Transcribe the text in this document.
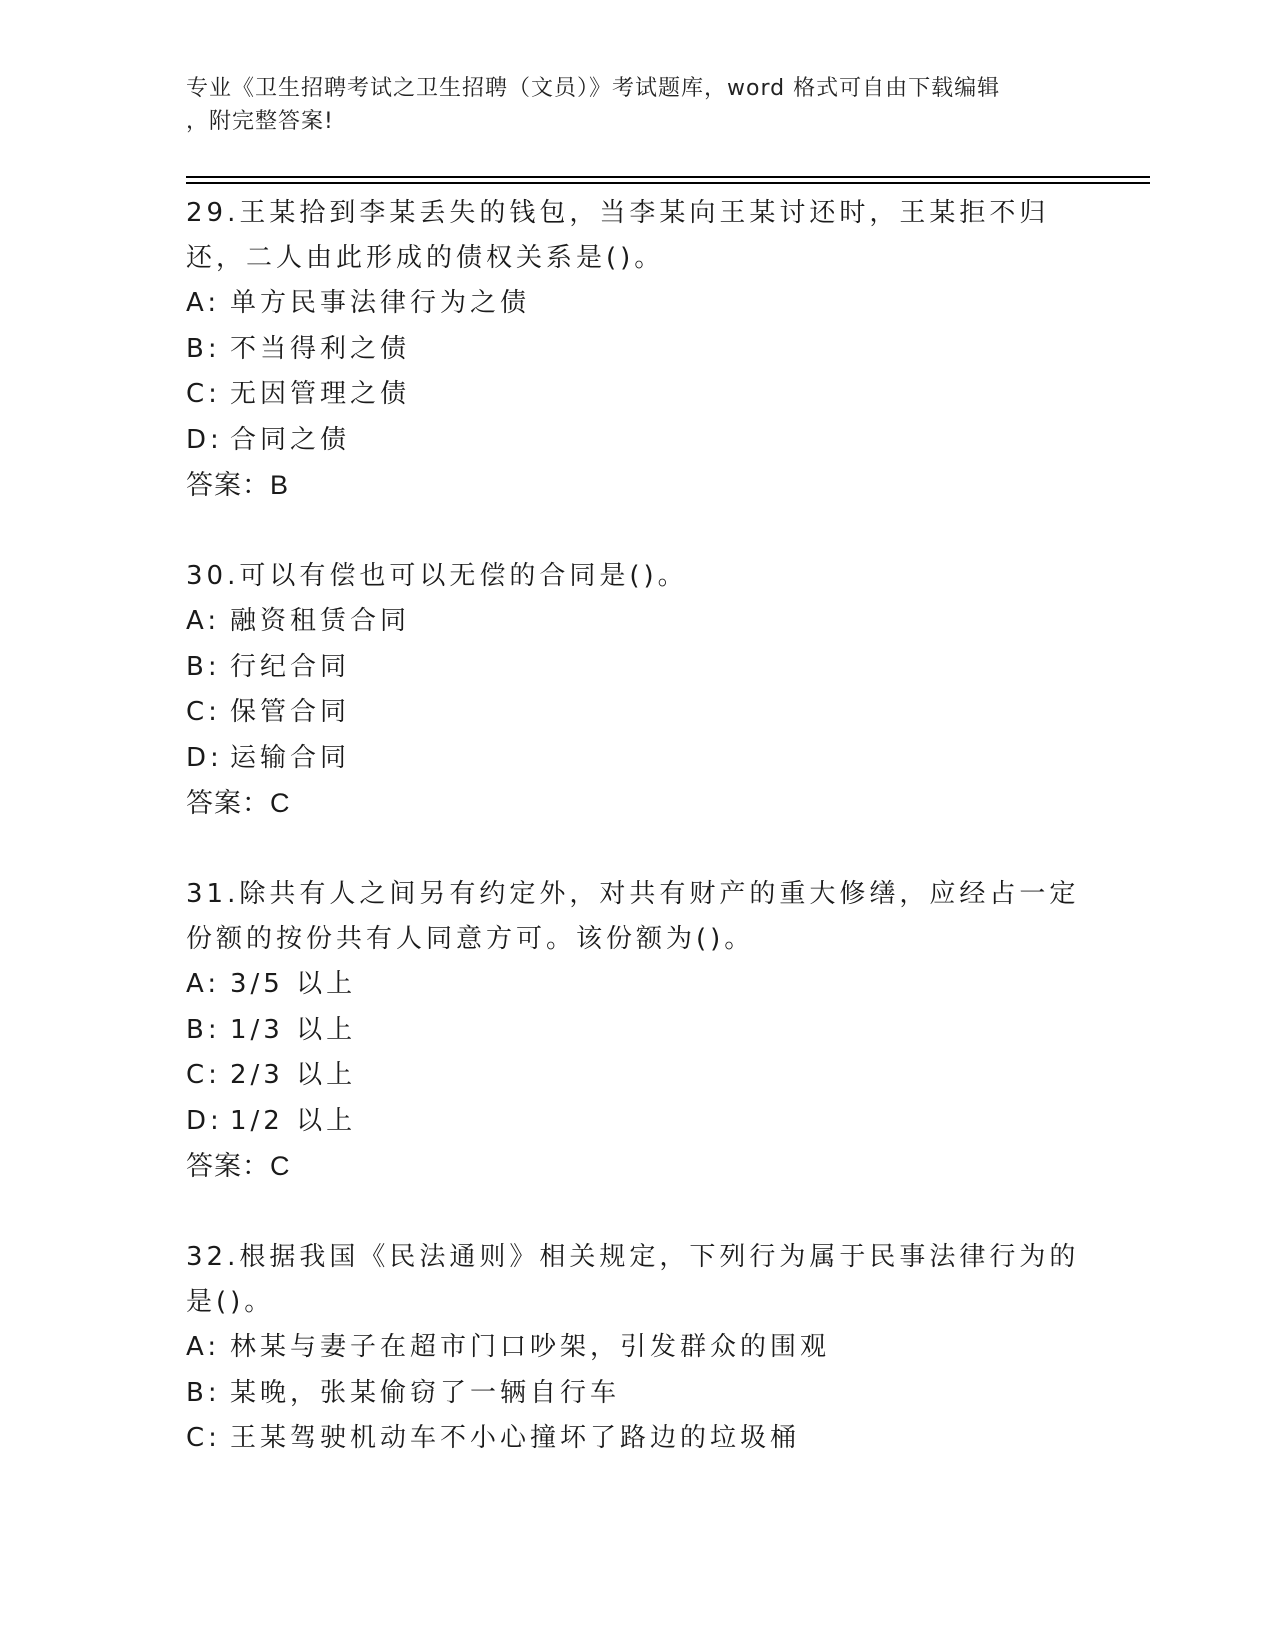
专业《卫生招聘考试之卫生招聘（文员）》考试题库，word 格式可自由下载编辑
，附完整答案!

29.王某拾到李某丢失的钱包，当李某向王某讨还时，王某拒不归还，二人由此形成的债权关系是()。

A: 单方民事法律行为之债

B: 不当得利之债

C: 无因管理之债

D: 合同之债

答案：B

30.可以有偿也可以无偿的合同是()。

A: 融资租赁合同

B: 行纪合同

C: 保管合同

D: 运输合同

答案：C

31.除共有人之间另有约定外，对共有财产的重大修缮，应经占一定份额的按份共有人同意方可。该份额为()。

A: 3/5 以上

B: 1/3 以上

C: 2/3 以上

D: 1/2 以上

答案：C

32.根据我国《民法通则》相关规定，下列行为属于民事法律行为的是()。

A: 林某与妻子在超市门口吵架，引发群众的围观

B: 某晚，张某偷窃了一辆自行车

C: 王某驾驶机动车不小心撞坏了路边的垃圾桶
